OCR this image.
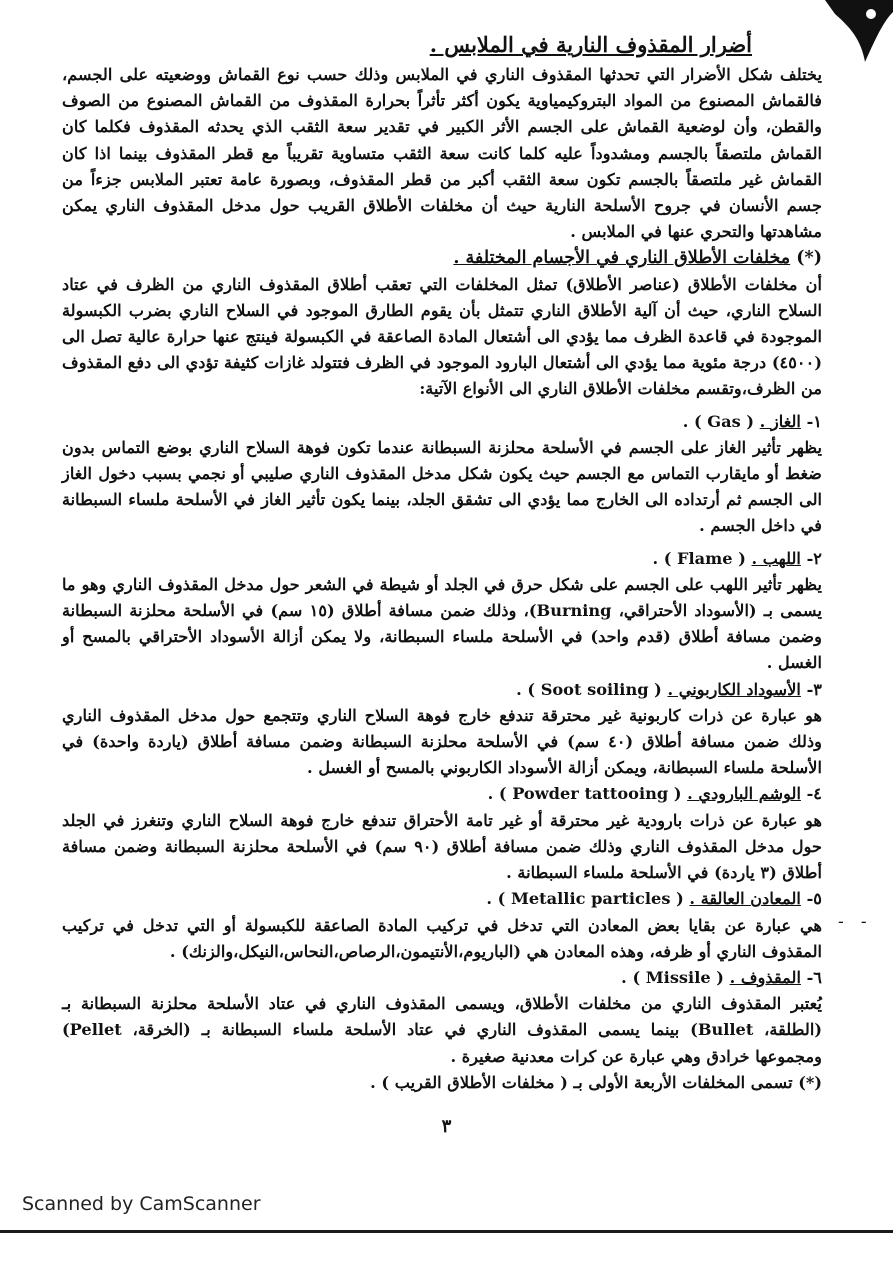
أضرار المقذوف النارية في الملابس .

يختلف شكل الأضرار التي تحدثها المقذوف الناري في الملابس وذلك حسب نوع القماش ووضعيته على الجسم، فالقماش المصنوع من المواد البتروكيمياوية يكون أكثر تأثراً بحرارة المقذوف من القماش المصنوع من الصوف والقطن، وأن لوضعية القماش على الجسم الأثر الكبير في تقدير سعة الثقب الذي يحدثه المقذوف فكلما كان القماش ملتصقاً بالجسم ومشدوداً عليه كلما كانت سعة الثقب متساوية تقريباً مع قطر المقذوف بينما اذا كان القماش غير ملتصقاً بالجسم تكون سعة الثقب أكبر من قطر المقذوف، وبصورة عامة تعتبر الملابس جزءاً من جسم الأنسان في جروح الأسلحة النارية حيث أن مخلفات الأطلاق القريب حول مدخل المقذوف الناري يمكن مشاهدتها والتحري عنها في الملابس .

(*) مخلفات الأطلاق الناري في الأجسام المختلفة .

أن مخلفات الأطلاق (عناصر الأطلاق) تمثل المخلفات التي تعقب أطلاق المقذوف الناري من الظرف في عتاد السلاح الناري، حيث أن آلية الأطلاق الناري تتمثل بأن يقوم الطارق الموجود في السلاح الناري بضرب الكبسولة الموجودة في قاعدة الظرف مما يؤدي الى أشتعال المادة الصاعقة في الكبسولة فينتج عنها حرارة عالية تصل الى (٤٥٠٠) درجة مئوية مما يؤدي الى أشتعال البارود الموجود في الظرف فتتولد غازات كثيفة تؤدي الى دفع المقذوف من الظرف،وتقسم مخلفات الأطلاق الناري الى الأنواع الآتية:

١- الغاز . ( Gas ) .

يظهر تأثير الغاز على الجسم في الأسلحة محلزنة السبطانة عندما تكون فوهة السلاح الناري بوضع التماس بدون ضغط أو مايقارب التماس مع الجسم حيث يكون شكل مدخل المقذوف الناري صليبي أو نجمي بسبب دخول الغاز الى الجسم ثم أرتداده الى الخارج مما يؤدي الى تشقق الجلد، بينما يكون تأثير الغاز في الأسلحة ملساء السبطانة في داخل الجسم .

٢- اللهب . ( Flame ) .

يظهر تأثير اللهب على الجسم على شكل حرق في الجلد أو شيطة في الشعر حول مدخل المقذوف الناري وهو ما يسمى بـ (الأسوداد الأحتراقي، Burning)، وذلك ضمن مسافة أطلاق (١٥ سم) في الأسلحة محلزنة السبطانة وضمن مسافة أطلاق (قدم واحد) في الأسلحة ملساء السبطانة، ولا يمكن أزالة الأسوداد الأحتراقي بالمسح أو الغسل .

٣- الأسوداد الكاربوني . ( Soot soiling ) .

هو عبارة عن ذرات كاربونية غير محترقة تندفع خارج فوهة السلاح الناري وتتجمع حول مدخل المقذوف الناري وذلك ضمن مسافة أطلاق (٤٠ سم) في الأسلحة محلزنة السبطانة وضمن مسافة أطلاق (ياردة واحدة) في الأسلحة ملساء السبطانة، ويمكن أزالة الأسوداد الكاربوني بالمسح أو الغسل .

٤- الوشم البارودي . ( Powder tattooing ) .

هو عبارة عن ذرات بارودية غير محترقة أو غير تامة الأحتراق تندفع خارج فوهة السلاح الناري وتنغرز في الجلد حول مدخل المقذوف الناري وذلك ضمن مسافة أطلاق (٩٠ سم) في الأسلحة محلزنة السبطانة وضمن مسافة أطلاق (٣ ياردة) في الأسلحة ملساء السبطانة .

٥- المعادن العالقة . ( Metallic particles ) .

هي عبارة عن بقايا بعض المعادن التي تدخل في تركيب المادة الصاعقة للكبسولة أو التي تدخل في تركيب المقذوف الناري أو ظرفه، وهذه المعادن هي (الباريوم،الأنتيمون،الرصاص،النحاس،النيكل،والزنك) .

٦- المقذوف . ( Missile ) .

يُعتبر المقذوف الناري من مخلفات الأطلاق، ويسمى المقذوف الناري في عتاد الأسلحة محلزنة السبطانة بـ (الطلقة، Bullet) بينما يسمى المقذوف الناري في عتاد الأسلحة ملساء السبطانة بـ (الخرقة، Pellet) ومجموعها خرادق وهي عبارة عن كرات معدنية صغيرة .

(*) تسمى المخلفات الأربعة الأولى بـ ( مخلفات الأطلاق القريب ) .

- -
٣
Scanned by CamScanner
